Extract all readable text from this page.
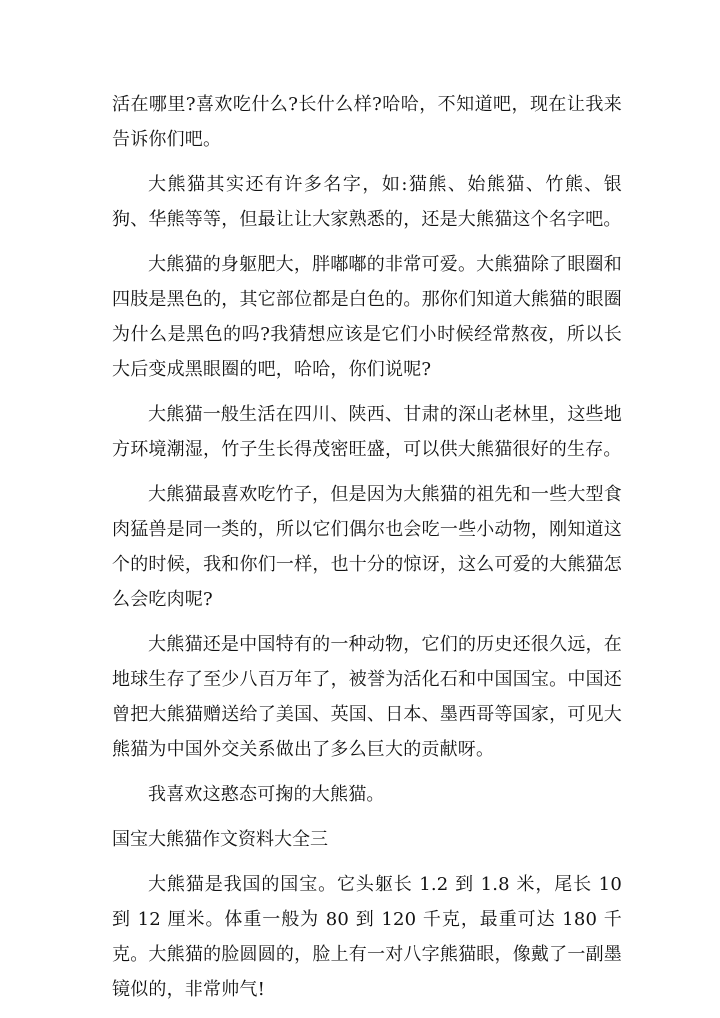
活在哪里?喜欢吃什么?长什么样?哈哈，不知道吧，现在让我来告诉你们吧。

大熊猫其实还有许多名字，如:猫熊、始熊猫、竹熊、银狗、华熊等等，但最让让大家熟悉的，还是大熊猫这个名字吧。

大熊猫的身躯肥大，胖嘟嘟的非常可爱。大熊猫除了眼圈和四肢是黑色的，其它部位都是白色的。那你们知道大熊猫的眼圈为什么是黑色的吗?我猜想应该是它们小时候经常熬夜，所以长大后变成黑眼圈的吧，哈哈，你们说呢?

大熊猫一般生活在四川、陕西、甘肃的深山老林里，这些地方环境潮湿，竹子生长得茂密旺盛，可以供大熊猫很好的生存。

大熊猫最喜欢吃竹子，但是因为大熊猫的祖先和一些大型食肉猛兽是同一类的，所以它们偶尔也会吃一些小动物，刚知道这个的时候，我和你们一样，也十分的惊讶，这么可爱的大熊猫怎么会吃肉呢?

大熊猫还是中国特有的一种动物，它们的历史还很久远，在地球生存了至少八百万年了，被誉为活化石和中国国宝。中国还曾把大熊猫赠送给了美国、英国、日本、墨西哥等国家，可见大熊猫为中国外交关系做出了多么巨大的贡献呀。

我喜欢这憨态可掬的大熊猫。

国宝大熊猫作文资料大全三

大熊猫是我国的国宝。它头躯长 1.2 到 1.8 米，尾长 10 到 12 厘米。体重一般为 80 到 120 千克，最重可达 180 千克。大熊猫的脸圆圆的，脸上有一对八字熊猫眼，像戴了一副墨镜似的，非常帅气!
